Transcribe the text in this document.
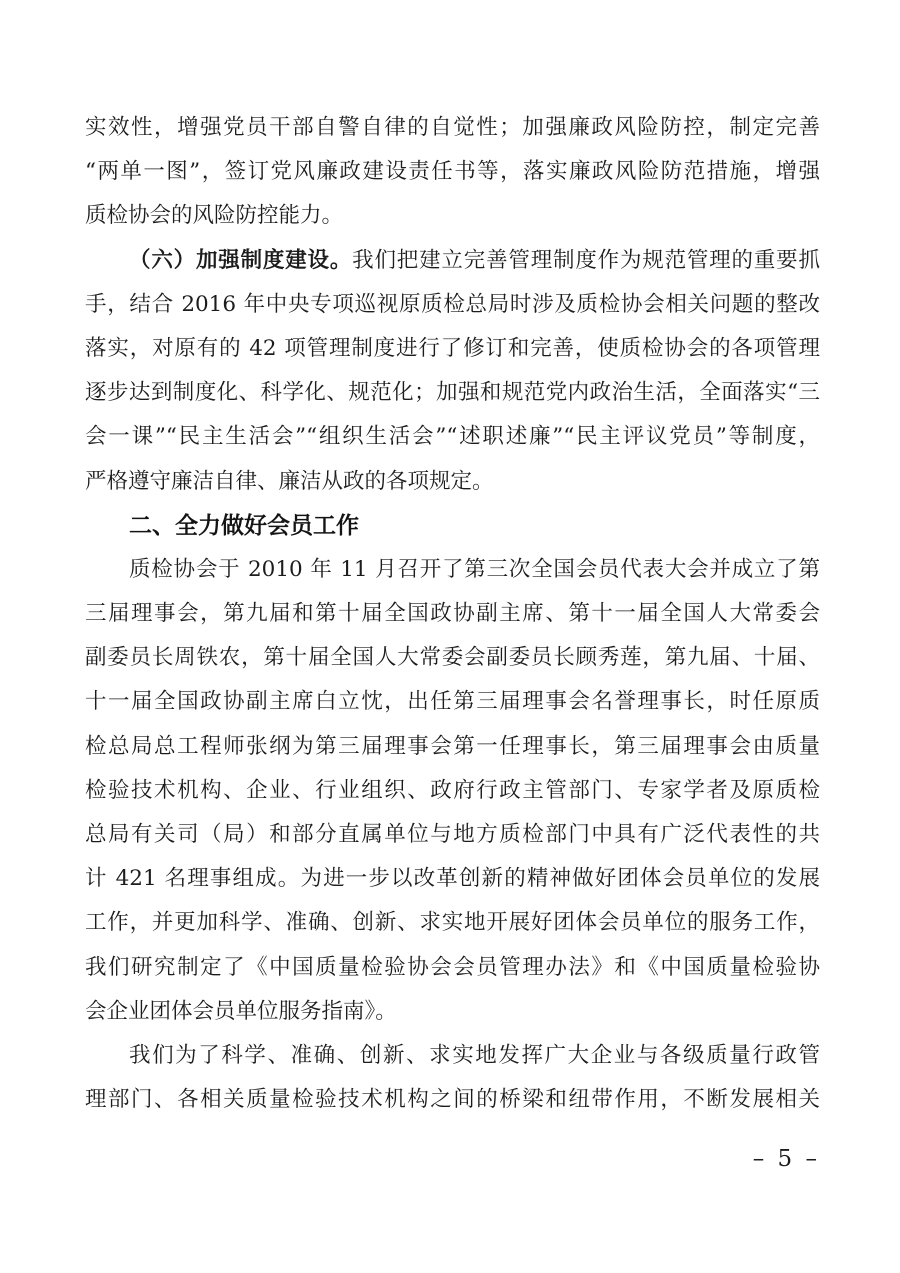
实效性，增强党员干部自警自律的自觉性；加强廉政风险防控，制定完善
“两单一图”，签订党风廉政建设责任书等，落实廉政风险防范措施，增强
质检协会的风险防控能力。
（六）加强制度建设。我们把建立完善管理制度作为规范管理的重要抓
手，结合 2016 年中央专项巡视原质检总局时涉及质检协会相关问题的整改
落实，对原有的 42 项管理制度进行了修订和完善，使质检协会的各项管理
逐步达到制度化、科学化、规范化；加强和规范党内政治生活，全面落实“三
会一课”“民主生活会”“组织生活会”“述职述廉”“民主评议党员”等制度，
严格遵守廉洁自律、廉洁从政的各项规定。
二、全力做好会员工作
质检协会于 2010 年 11 月召开了第三次全国会员代表大会并成立了第
三届理事会，第九届和第十届全国政协副主席、第十一届全国人大常委会
副委员长周铁农，第十届全国人大常委会副委员长顾秀莲，第九届、十届、
十一届全国政协副主席白立忱，出任第三届理事会名誉理事长，时任原质
检总局总工程师张纲为第三届理事会第一任理事长，第三届理事会由质量
检验技术机构、企业、行业组织、政府行政主管部门、专家学者及原质检
总局有关司（局）和部分直属单位与地方质检部门中具有广泛代表性的共
计 421 名理事组成。为进一步以改革创新的精神做好团体会员单位的发展
工作，并更加科学、准确、创新、求实地开展好团体会员单位的服务工作，
我们研究制定了《中国质量检验协会会员管理办法》和《中国质量检验协
会企业团体会员单位服务指南》。
我们为了科学、准确、创新、求实地发挥广大企业与各级质量行政管
理部门、各相关质量检验技术机构之间的桥梁和纽带作用，不断发展相关
– 5 –
